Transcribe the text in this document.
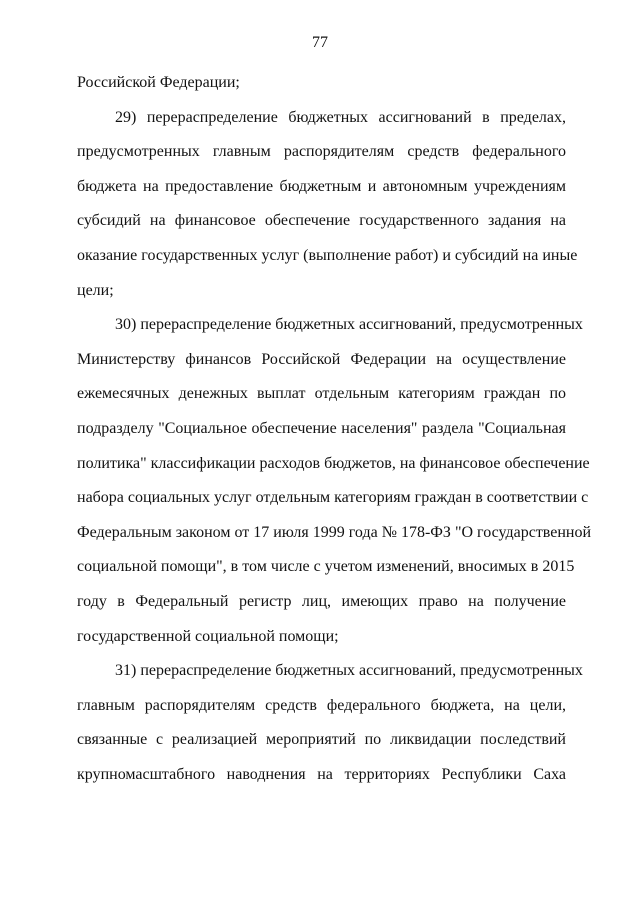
77
Российской Федерации;
29) перераспределение бюджетных ассигнований в пределах,
предусмотренных главным распорядителям средств федерального
бюджета на предоставление бюджетным и автономным учреждениям
субсидий на финансовое обеспечение государственного задания на
оказание государственных услуг (выполнение работ) и субсидий на иные
цели;
30) перераспределение бюджетных ассигнований, предусмотренных
Министерству финансов Российской Федерации на осуществление
ежемесячных денежных выплат отдельным категориям граждан по
подразделу "Социальное обеспечение населения" раздела "Социальная
политика" классификации расходов бюджетов, на финансовое обеспечение
набора социальных услуг отдельным категориям граждан в соответствии с
Федеральным законом от 17 июля 1999 года № 178-ФЗ "О государственной
социальной помощи", в том числе с учетом изменений, вносимых в 2015
году в Федеральный регистр лиц, имеющих право на получение
государственной социальной помощи;
31) перераспределение бюджетных ассигнований, предусмотренных
главным распорядителям средств федерального бюджета, на цели,
связанные с реализацией мероприятий по ликвидации последствий
крупномасштабного наводнения на территориях Республики Саха
